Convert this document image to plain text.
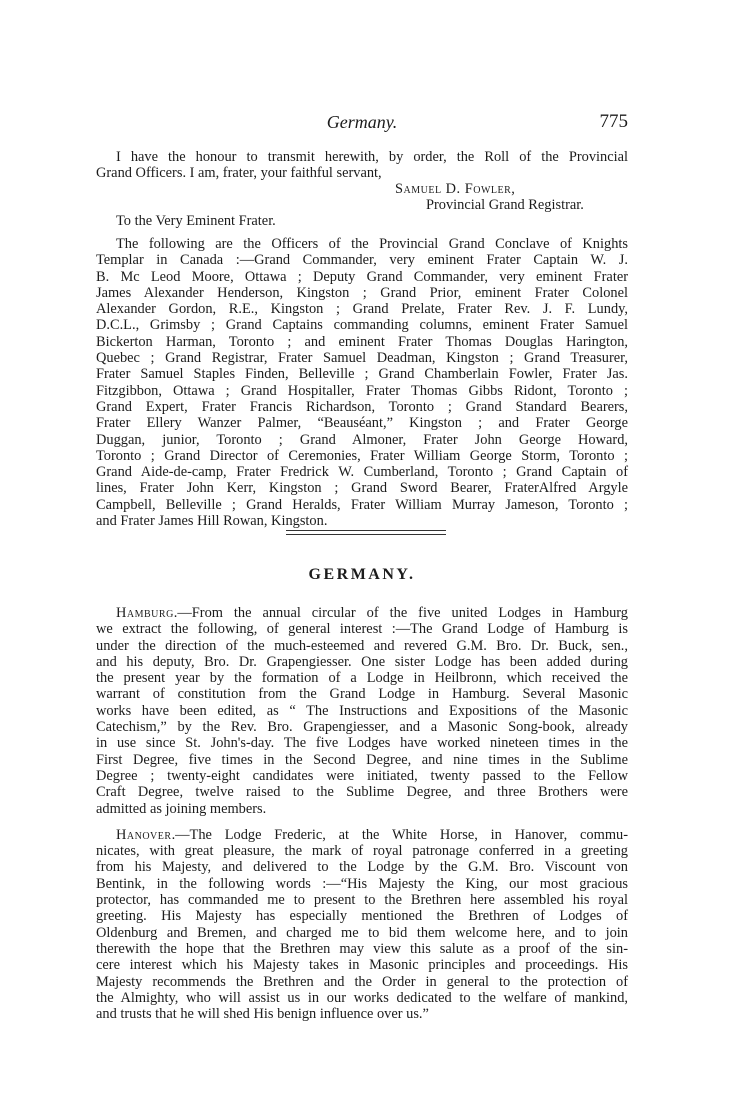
Germany.	775

I have the honour to transmit herewith, by order, the Roll of the Provincial

Grand Officers. I am, frater, your faithful servant,

Samuel D. Fowler,
Provincial Grand Registrar.
To the Very Eminent Frater.

The following are the Officers of the Provincial Grand Conclave of Knights

Templar in Canada :—Grand Commander, very eminent Frater Captain W. J.

B. Mc Leod Moore, Ottawa ; Deputy Grand Commander, very eminent Frater

James Alexander Henderson, Kingston ; Grand Prior, eminent Frater Colonel

Alexander Gordon, R.E., Kingston ; Grand Prelate, Frater Rev. J. F. Lundy,

D.C.L., Grimsby ; Grand Captains commanding columns, eminent Frater Samuel

Bickerton Harman, Toronto ; and eminent Frater Thomas Douglas Harington,

Quebec ; Grand Registrar, Frater Samuel Deadman, Kingston ; Grand Treasurer,

Frater Samuel Staples Finden, Belleville ; Grand Chamberlain Fowler, Frater Jas.

Fitzgibbon, Ottawa ; Grand Hospitaller, Frater Thomas Gibbs Ridont, Toronto ;

Grand Expert, Frater Francis Richardson, Toronto ; Grand Standard Bearers,

Frater Ellery Wanzer Palmer, “Beauséant,” Kingston ; and Frater George

Duggan, junior, Toronto ; Grand Almoner, Frater John George Howard,

Toronto ; Grand Director of Ceremonies, Frater William George Storm, Toronto ;

Grand Aide-de-camp, Frater Fredrick W. Cumberland, Toronto ; Grand Captain of

lines, Frater John Kerr, Kingston ; Grand Sword Bearer, FraterAlfred Argyle

Campbell, Belleville ; Grand Heralds, Frater William Murray Jameson, Toronto ;

and Frater James Hill Rowan, Kingston.

GERMANY.

Hamburg.—From the annual circular of the five united Lodges in Hamburg

we extract the following, of general interest :—The Grand Lodge of Hamburg is

under the direction of the much-esteemed and revered G.M. Bro. Dr. Buck, sen.,

and his deputy, Bro. Dr. Grapengiesser. One sister Lodge has been added during

the present year by the formation of a Lodge in Heilbronn, which received the

warrant of constitution from the Grand Lodge in Hamburg. Several Masonic

works have been edited, as “ The Instructions and Expositions of the Masonic

Catechism,” by the Rev. Bro. Grapengiesser, and a Masonic Song-book, already

in use since St. John's-day. The five Lodges have worked nineteen times in the

First Degree, five times in the Second Degree, and nine times in the Sublime

Degree ; twenty-eight candidates were initiated, twenty passed to the Fellow

Craft Degree, twelve raised to the Sublime Degree, and three Brothers were

admitted as joining members.

Hanover.—The Lodge Frederic, at the White Horse, in Hanover, commu-

nicates, with great pleasure, the mark of royal patronage conferred in a greeting

from his Majesty, and delivered to the Lodge by the G.M. Bro. Viscount von

Bentink, in the following words :—“His Majesty the King, our most gracious

protector, has commanded me to present to the Brethren here assembled his royal

greeting. His Majesty has especially mentioned the Brethren of Lodges of

Oldenburg and Bremen, and charged me to bid them welcome here, and to join

therewith the hope that the Brethren may view this salute as a proof of the sin-

cere interest which his Majesty takes in Masonic principles and proceedings. His

Majesty recommends the Brethren and the Order in general to the protection of

the Almighty, who will assist us in our works dedicated to the welfare of mankind,

and trusts that he will shed His benign influence over us.”
